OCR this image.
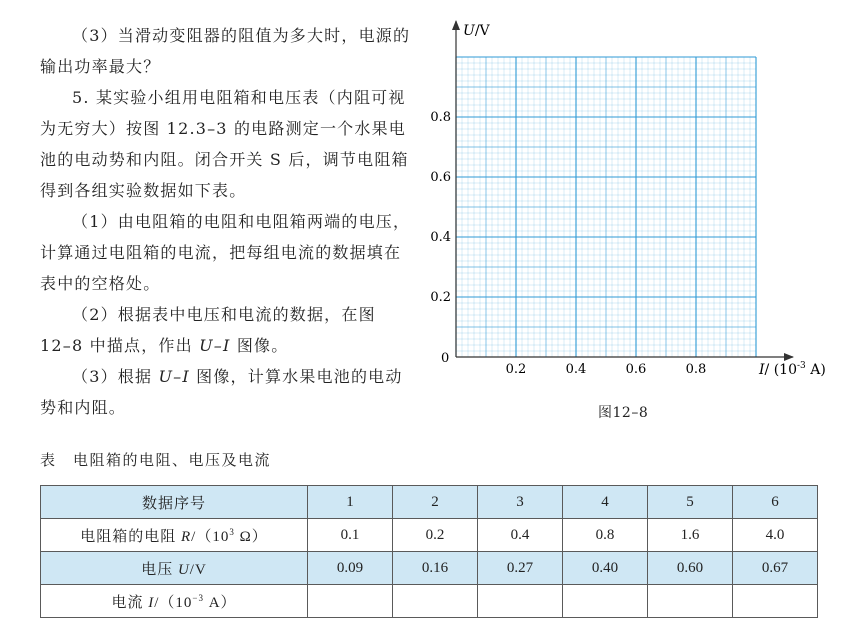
（3）当滑动变阻器的阻值为多大时，电源的输出功率最大？

5. 某实验小组用电阻箱和电压表（内阻可视为无穷大）按图 12.3–3 的电路测定一个水果电池的电动势和内阻。闭合开关 S 后，调节电阻箱得到各组实验数据如下表。

（1）由电阻箱的电阻和电阻箱两端的电压，计算通过电阻箱的电流，把每组电流的数据填在表中的空格处。

（2）根据表中电压和电流的数据，在图 12–8 中描点，作出 U–I 图像。

（3）根据 U–I 图像，计算水果电池的电动势和内阻。

0.2	0.4	0.6	0.8
0.2
0.4
0.6
0.8
0
U/V
I/ ($10^{-3}$ A)
图12–8
表　电阻箱的电阻、电压及电流
数据序号	1	2	3	4	5	6
电阻箱的电阻 $R/(10^3$ Ω）	0.1	0.2	0.4	0.8	1.6	4.0
电压 U/V	0.09	0.16	0.27	0.40	0.60	0.67
电流 $I/(10^{-3}$ A）						
